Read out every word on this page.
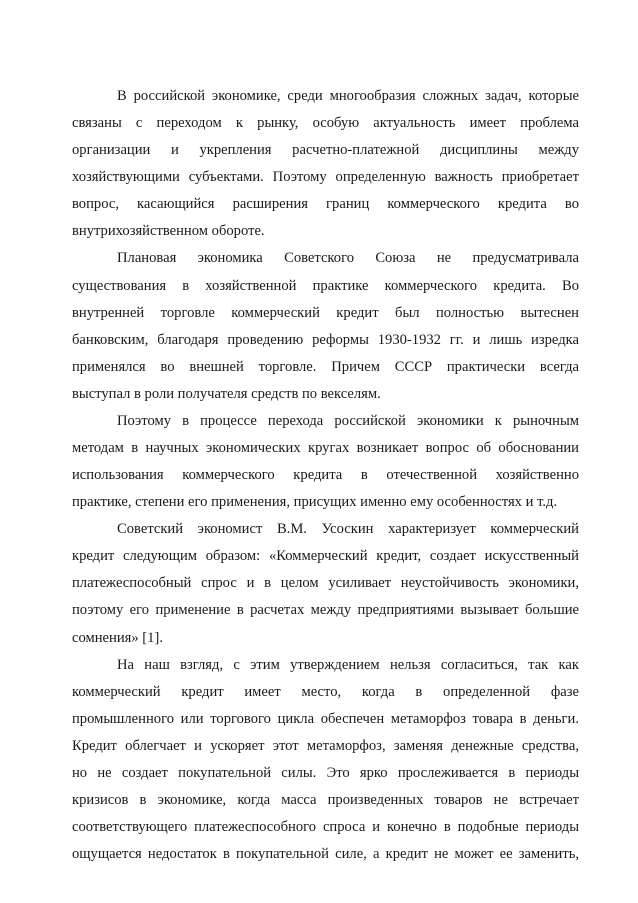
В российской экономике, среди многообразия сложных задач, которые
связаны с переходом к рынку, особую актуальность имеет проблема
организации и укрепления расчетно-платежной дисциплины между
хозяйствующими субъектами. Поэтому определенную важность приобретает
вопрос, касающийся расширения границ коммерческого кредита во
внутрихозяйственном обороте.
Плановая экономика Советского Союза не предусматривала
существования в хозяйственной практике коммерческого кредита. Во
внутренней торговле коммерческий кредит был полностью вытеснен
банковским, благодаря проведению реформы 1930-1932 гг. и лишь изредка
применялся во внешней торговле. Причем СССР практически всегда
выступал в роли получателя средств по векселям.
Поэтому в процессе перехода российской экономики к рыночным
методам в научных экономических кругах возникает вопрос об обосновании
использования коммерческого кредита в отечественной хозяйственно
практике, степени его применения, присущих именно ему особенностях и т.д.
Советский экономист В.М. Усоскин характеризует коммерческий
кредит следующим образом: «Коммерческий кредит, создает искусственный
платежеспособный спрос и в целом усиливает неустойчивость экономики,
поэтому его применение в расчетах между предприятиями вызывает большие
сомнения» [1].
На наш взгляд, с этим утверждением нельзя согласиться, так как
коммерческий кредит имеет место, когда в определенной фазе
промышленного или торгового цикла обеспечен метаморфоз товара в деньги.
Кредит облегчает и ускоряет этот метаморфоз, заменяя денежные средства,
но не создает покупательной силы. Это ярко прослеживается в периоды
кризисов в экономике, когда масса произведенных товаров не встречает
соответствующего платежеспособного спроса и конечно в подобные периоды
ощущается недостаток в покупательной силе, а кредит не может ее заменить,
